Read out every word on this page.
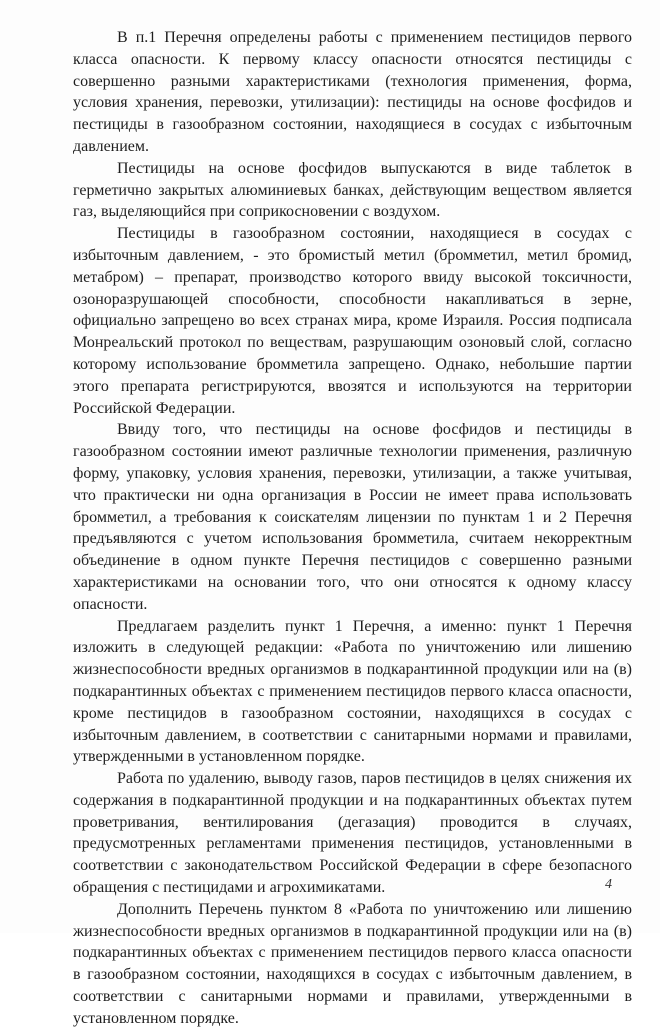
В п.1 Перечня определены работы с применением пестицидов первого класса опасности. К первому классу опасности относятся пестициды с совершенно разными характеристиками (технология применения, форма, условия хранения, перевозки, утилизации): пестициды на основе фосфидов и пестициды в газообразном состоянии, находящиеся в сосудах с избыточным давлением.

Пестициды на основе фосфидов выпускаются в виде таблеток в герметично закрытых алюминиевых банках, действующим веществом является газ, выделяющийся при соприкосновении с воздухом.

Пестициды в газообразном состоянии, находящиеся в сосудах с избыточным давлением, - это бромистый метил (бромметил, метил бромид, метабром) – препарат, производство которого ввиду высокой токсичности, озоноразрушающей способности, способности накапливаться в зерне, официально запрещено во всех странах мира, кроме Израиля. Россия подписала Монреальский протокол по веществам, разрушающим озоновый слой, согласно которому использование бромметила запрещено. Однако, небольшие партии этого препарата регистрируются, ввозятся и используются на территории Российской Федерации.

Ввиду того, что пестициды на основе фосфидов и пестициды в газообразном состоянии имеют различные технологии применения, различную форму, упаковку, условия хранения, перевозки, утилизации, а также учитывая, что практически ни одна организация в России не имеет права использовать бромметил, а требования к соискателям лицензии по пунктам 1 и 2 Перечня предъявляются с учетом использования бромметила, считаем некорректным объединение в одном пункте Перечня пестицидов с совершенно разными характеристиками на основании того, что они относятся к одному классу опасности.

Предлагаем разделить пункт 1 Перечня, а именно: пункт 1 Перечня изложить в следующей редакции: «Работа по уничтожению или лишению жизнеспособности вредных организмов в подкарантинной продукции или на (в) подкарантинных объектах с применением пестицидов первого класса опасности, кроме пестицидов в газообразном состоянии, находящихся в сосудах с избыточным давлением, в соответствии с санитарными нормами и правилами, утвержденными в установленном порядке.

Работа по удалению, выводу газов, паров пестицидов в целях снижения их содержания в подкарантинной продукции и на подкарантинных объектах путем проветривания, вентилирования (дегазация) проводится в случаях, предусмотренных регламентами применения пестицидов, установленными в соответствии с законодательством Российской Федерации в сфере безопасного обращения с пестицидами и агрохимикатами.

Дополнить Перечень пунктом 8 «Работа по уничтожению или лишению жизнеспособности вредных организмов в подкарантинной продукции или на (в) подкарантинных объектах с применением пестицидов первого класса опасности в газообразном состоянии, находящихся в сосудах с избыточным давлением, в соответствии с санитарными нормами и правилами, утвержденными в установленном порядке.

4
